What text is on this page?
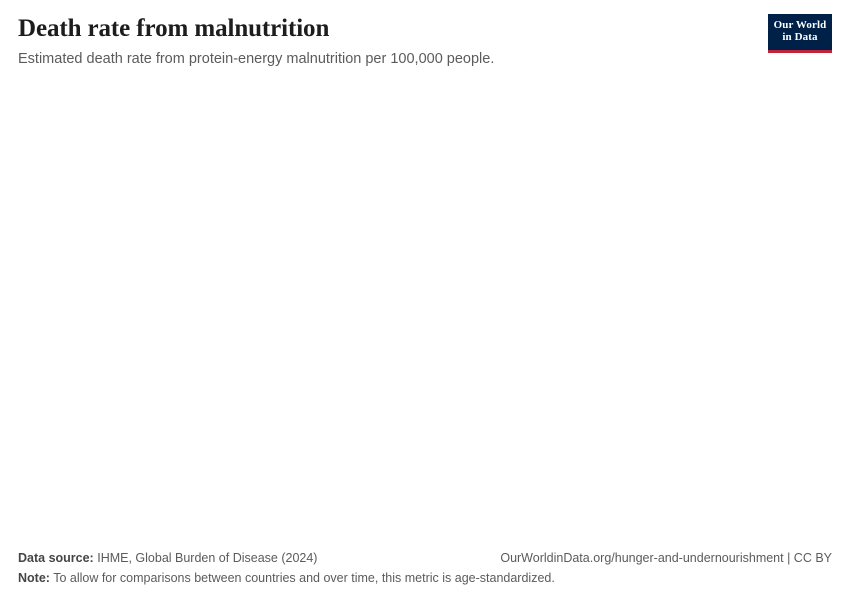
Death rate from malnutrition

Estimated death rate from protein-energy malnutrition per 100,000 people.

Our World
in Data
Data source: IHME, Global Burden of Disease (2024)	OurWorldinData.org/hunger-and-undernourishment | CC BY
Note: To allow for comparisons between countries and over time, this metric is age-standardized.
